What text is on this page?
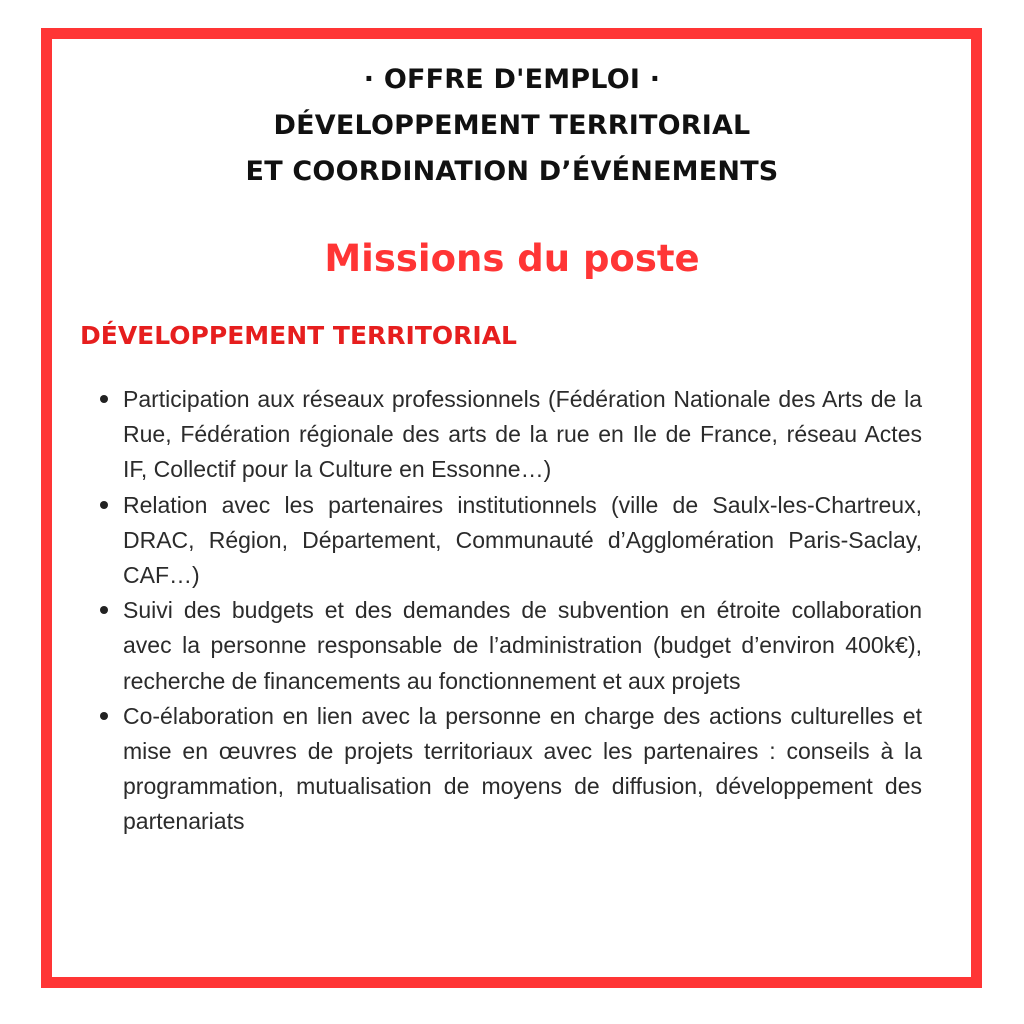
· OFFRE D'EMPLOI ·
DÉVELOPPEMENT TERRITORIAL
ET COORDINATION D’ÉVÉNEMENTS
Missions du poste
DÉVELOPPEMENT TERRITORIAL
Participation aux réseaux professionnels (Fédération Nationale des Arts de la Rue, Fédération régionale des arts de la rue en Ile de France, réseau Actes IF, Collectif pour la Culture en Essonne…)
Relation avec les partenaires institutionnels (ville de Saulx-les-Chartreux, DRAC, Région, Département, Communauté d’Agglomération Paris-Saclay, CAF…)
Suivi des budgets et des demandes de subvention en étroite collaboration avec la personne responsable de l’administration (budget d’environ 400k€), recherche de financements au fonctionnement et aux projets
Co-élaboration en lien avec la personne en charge des actions culturelles et mise en œuvres de projets territoriaux avec les partenaires : conseils à la programmation, mutualisation de moyens de diffusion, développement des partenariats
